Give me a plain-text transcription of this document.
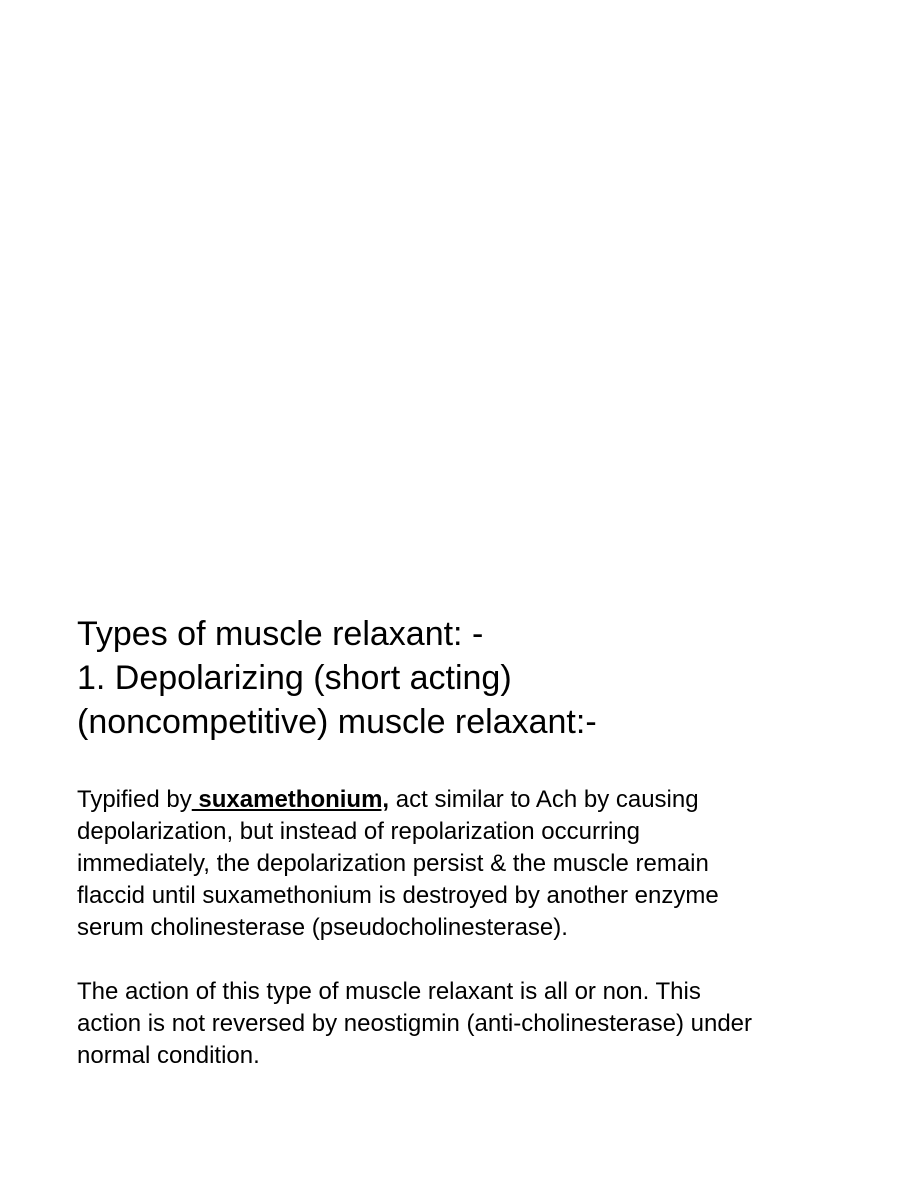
Types of muscle relaxant: -
1. Depolarizing (short acting)
(noncompetitive) muscle relaxant:-

Typified by suxamethonium, act similar to Ach by causing depolarization, but instead of repolarization occurring immediately, the depolarization persist & the muscle remain flaccid until suxamethonium is destroyed by another enzyme serum cholinesterase (pseudocholinesterase).

The action of this type of muscle relaxant is all or non. This action is not reversed by neostigmin (anti-cholinesterase) under normal condition.
